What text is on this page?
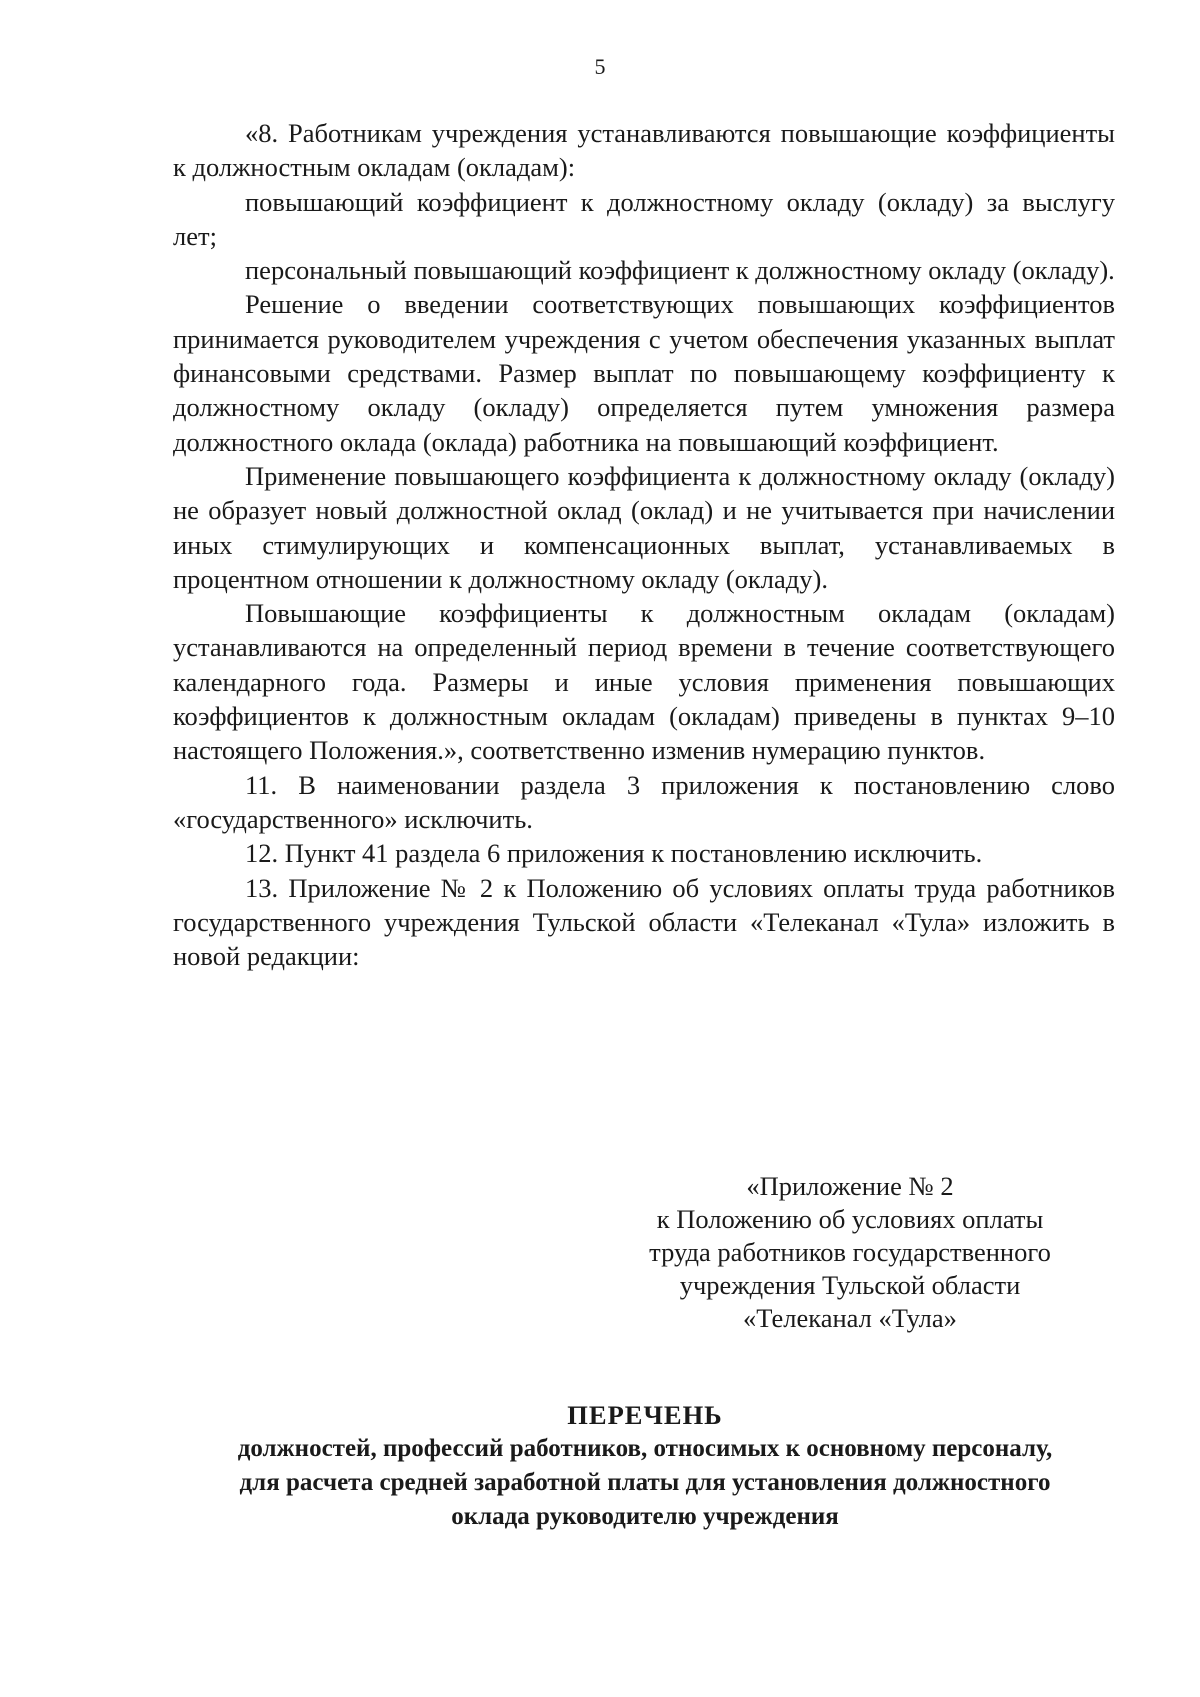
5

«8. Работникам учреждения устанавливаются повышающие коэффициенты к должностным окладам (окладам):

повышающий коэффициент к должностному окладу (окладу) за выслугу лет;

персональный повышающий коэффициент к должностному окладу (окладу).

Решение о введении соответствующих повышающих коэффициентов принимается руководителем учреждения с учетом обеспечения указанных выплат финансовыми средствами. Размер выплат по повышающему коэффициенту к должностному окладу (окладу) определяется путем умножения размера должностного оклада (оклада) работника на повышающий коэффициент.

Применение повышающего коэффициента к должностному окладу (окладу) не образует новый должностной оклад (оклад) и не учитывается при начислении иных стимулирующих и компенсационных выплат, устанавливаемых в процентном отношении к должностному окладу (окладу).

Повышающие коэффициенты к должностным окладам (окладам) устанавливаются на определенный период времени в течение соответствующего календарного года. Размеры и иные условия применения повышающих коэффициентов к должностным окладам (окладам) приведены в пунктах 9–10 настоящего Положения.», соответственно изменив нумерацию пунктов.

11. В наименовании раздела 3 приложения к постановлению слово «государственного» исключить.

12. Пункт 41 раздела 6 приложения к постановлению исключить.

13. Приложение № 2 к Положению об условиях оплаты труда работников государственного учреждения Тульской области «Телеканал «Тула» изложить в новой редакции:

«Приложение № 2
к Положению об условиях оплаты
труда работников государственного
учреждения Тульской области
«Телеканал «Тула»
ПЕРЕЧЕНЬ
должностей, профессий работников, относимых к основному персоналу,
для расчета средней заработной платы для установления должностного
оклада руководителю учреждения
